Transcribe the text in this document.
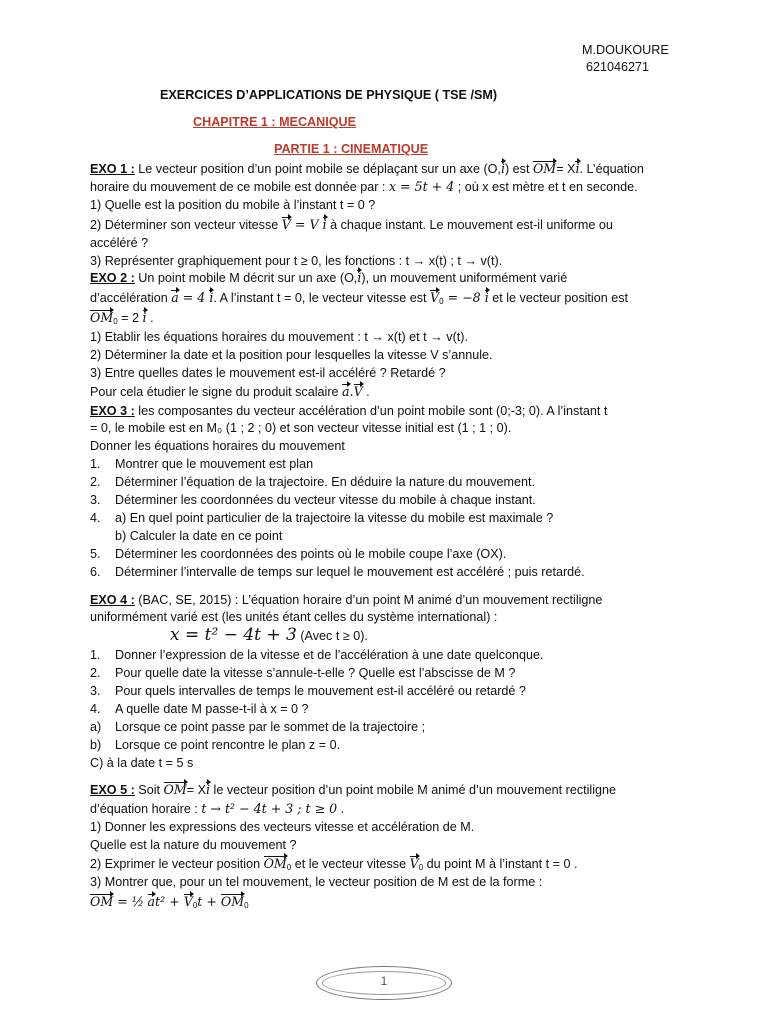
M.DOUKOURE
621046271
EXERCICES D’APPLICATIONS DE PHYSIQUE ( TSE /SM)
CHAPITRE 1 : MECANIQUE
PARTIE 1 : CINEMATIQUE
EXO 1 : Le vecteur position d’un point mobile se déplaçant sur un axe (O,i) est OM= Xi. L’équation
horaire du mouvement de ce mobile est donnée par : x = 5t + 4 ; où x est mètre et t en seconde.
1) Quelle est la position du mobile à l’instant t = 0 ?
2) Déterminer son vecteur vitesse V = V i à chaque instant. Le mouvement est-il uniforme ou
accéléré ?
3) Représenter graphiquement pour t ≥ 0, les fonctions : t → x(t) ; t → v(t).
EXO 2 : Un point mobile M décrit sur un axe (O,i), un mouvement uniformément varié
d’accélération a = 4 i. A l’instant t = 0, le vecteur vitesse est $V_0 = -8$ i et le vecteur position est
$OM_0 = 2$ i .
1) Etablir les équations horaires du mouvement : t → x(t) et t → v(t).
2) Déterminer la date et la position pour lesquelles la vitesse V s’annule.
3) Entre quelles dates le mouvement est-il accéléré ? Retardé ?
Pour cela étudier le signe du produit scalaire a.V .
EXO 3 : les composantes du vecteur accélération d’un point mobile sont (0;-3; 0). A l’instant t
= 0, le mobile est en M₀ (1 ; 2 ; 0) et son vecteur vitesse initial est (1 ; 1 ; 0).
Donner les équations horaires du mouvement
1. Montrer que le mouvement est plan
2. Déterminer l’équation de la trajectoire. En déduire la nature du mouvement.
3. Déterminer les coordonnées du vecteur vitesse du mobile à chaque instant.
4. a) En quel point particulier de la trajectoire la vitesse du mobile est maximale ?
b) Calculer la date en ce point
5. Déterminer les coordonnées des points où le mobile coupe l’axe (OX).
6. Déterminer l’intervalle de temps sur lequel le mouvement est accéléré ; puis retardé.
EXO 4 : (BAC, SE, 2015) : L’équation horaire d’un point M animé d’un mouvement rectiligne
uniformément varié est (les unités étant celles du système international) :
x = t² − 4t + 3 (Avec t ≥ 0).
1. Donner l’expression de la vitesse et de l’accélération à une date quelconque.
2. Pour quelle date la vitesse s’annule-t-elle ? Quelle est l’abscisse de M ?
3. Pour quels intervalles de temps le mouvement est-il accéléré ou retardé ?
4. A quelle date M passe-t-il à x = 0 ?
a) Lorsque ce point passe par le sommet de la trajectoire ;
b) Lorsque ce point rencontre le plan z = 0.
C) à la date t = 5 s
EXO 5 : Soit OM= Xi le vecteur position d’un point mobile M animé d’un mouvement rectiligne
d’équation horaire : t → t² − 4t + 3 ; t ≥ 0 .
1) Donner les expressions des vecteurs vitesse et accélération de M.
Quelle est la nature du mouvement ?
2) Exprimer le vecteur position $OM_0$ et le vecteur vitesse $V_0$ du point M à l’instant t = 0 .
3) Montrer que, pour un tel mouvement, le vecteur position de M est de la forme :
OM = ½ $at^2 + V_0t + OM_0$
1
